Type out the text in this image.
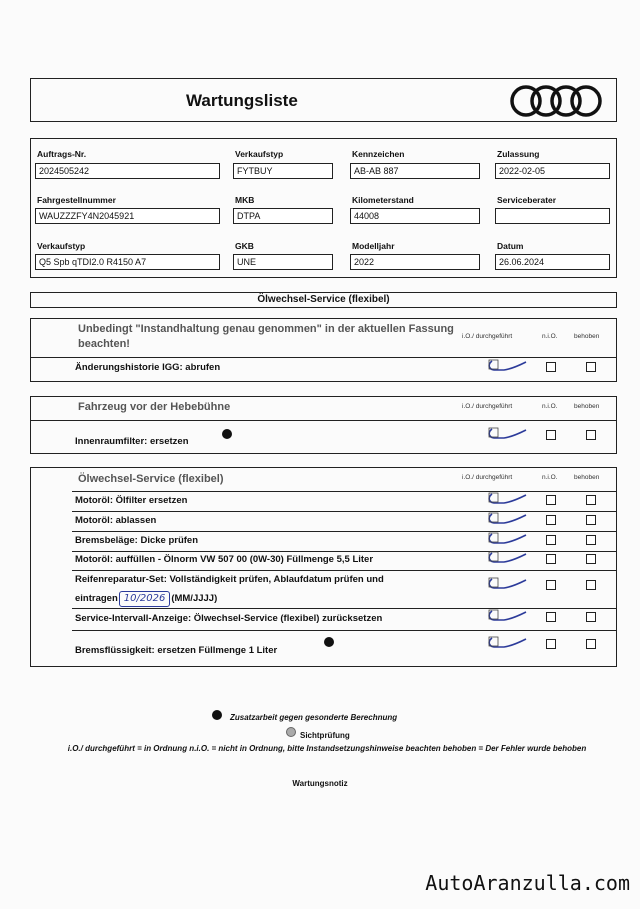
Wartungsliste
Auftrags-Nr.
2024505242
Verkaufstyp
FYTBUY
Kennzeichen
AB-AB 887
Zulassung
2022-02-05
Fahrgestellnummer
WAUZZZFY4N2045921
MKB
DTPA
Kilometerstand
44008
Serviceberater
Verkaufstyp
Q5 Spb qTDI2.0 R4150 A7
GKB
UNE
Modelljahr
2022
Datum
26.06.2024
Ölwechsel-Service (flexibel)
Unbedingt "Instandhaltung genau genommen" in der aktuellen Fassung beachten!
i.O./ durchgeführt	n.i.O.	behoben
Änderungshistorie IGG: abrufen
Fahrzeug vor der Hebebühne	i.O./ durchgeführt	n.i.O.	behoben
Innenraumfilter: ersetzen
Ölwechsel-Service (flexibel)	i.O./ durchgeführt	n.i.O.	behoben
Motoröl: Ölfilter ersetzen
Motoröl: ablassen
Bremsbeläge: Dicke prüfen
Motoröl: auffüllen - Ölnorm VW 507 00 (0W-30) Füllmenge 5,5 Liter
Reifenreparatur-Set: Vollständigkeit prüfen, Ablaufdatum prüfen und
eintragen 10/2026 (MM/JJJJ)
Service-Intervall-Anzeige: Ölwechsel-Service (flexibel) zurücksetzen
Bremsflüssigkeit: ersetzen Füllmenge 1 Liter
Zusatzarbeit gegen gesonderte Berechnung
Sichtprüfung
i.O./ durchgeführt = in Ordnung n.i.O. = nicht in Ordnung, bitte Instandsetzungshinweise beachten behoben = Der Fehler wurde behoben
Wartungsnotiz
AutoAranzulla.com
